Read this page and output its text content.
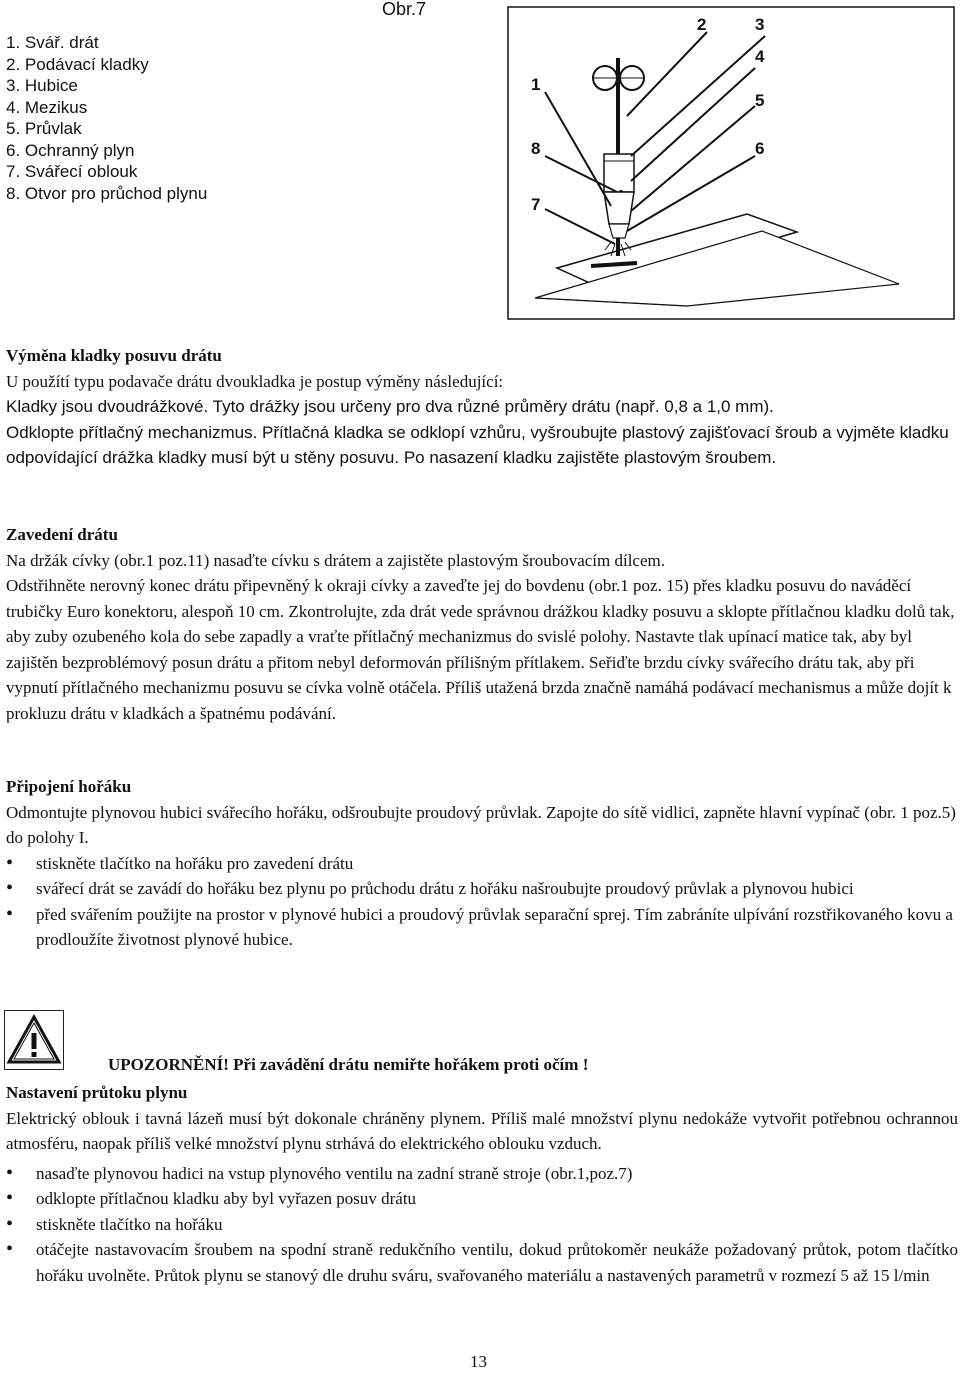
Obr.7
1. Svář. drát
2. Podávací kladky
3. Hubice
4. Mezikus
5. Průvlak
6. Ochranný plyn
7. Svářecí oblouk
8. Otvor pro průchod plynu
1
2	3
4
5
6
7
8

Výměna kladky posuvu drátu

U použítí typu podavače drátu dvoukladka je postup výměny následující:

Kladky jsou dvoudrážkové. Tyto drážky jsou určeny pro dva různé průměry drátu (např. 0,8 a 1,0 mm).

Odklopte přítlačný mechanizmus. Přítlačná kladka se odklopí vzhůru, vyšroubujte plastový zajišťovací šroub a vyjměte kladku odpovídající drážka kladky musí být u stěny posuvu. Po nasazení kladku zajistěte plastovým šroubem.

Zavedení drátu

Na držák cívky (obr.1 poz.11) nasaďte cívku s drátem a zajistěte plastovým šroubovacím dílcem.

Odstřihněte nerovný konec drátu připevněný k okraji cívky a zaveďte jej do bovdenu (obr.1 poz. 15) přes kladku posuvu do naváděcí trubičky Euro konektoru, alespoň 10 cm. Zkontrolujte, zda drát vede správnou drážkou kladky posuvu a sklopte přítlačnou kladku dolů tak, aby zuby ozubeného kola do sebe zapadly a vraťte přítlačný mechanizmus do svislé polohy. Nastavte tlak upínací matice tak, aby byl zajištěn bezproblémový posun drátu a přitom nebyl deformován přílišným přítlakem. Seřiďte brzdu cívky svářecího drátu tak, aby při vypnutí přítlačného mechanizmu posuvu se cívka volně otáčela. Příliš utažená brzda značně namáhá podávací mechanismus a může dojít k prokluzu drátu v kladkách a špatnému podávání.

Připojení hořáku

Odmontujte plynovou hubici svářecího hořáku, odšroubujte proudový průvlak. Zapojte do sítě vidlici, zapněte hlavní vypínač (obr. 1 poz.5) do polohy I.

• stiskněte tlačítko na hořáku pro zavedení drátu
• svářecí drát se zavádí do hořáku bez plynu po průchodu drátu z hořáku našroubujte proudový průvlak a plynovou hubici
• před svářením použijte na prostor v plynové hubici a proudový průvlak separační sprej. Tím zabráníte ulpívání rozstřikovaného kovu a prodloužíte životnost plynové hubice.
UPOZORNĚNÍ! Při zavádění drátu nemiřte hořákem proti očím !

Nastavení průtoku plynu

Elektrický oblouk i tavná lázeň musí být dokonale chráněny plynem. Příliš malé množství plynu nedokáže vytvořit potřebnou ochrannou atmosféru, naopak příliš velké množství plynu strhává do elektrického oblouku vzduch.

• nasaďte plynovou hadici na vstup plynového ventilu na zadní straně stroje (obr.1,poz.7)
• odklopte přítlačnou kladku aby byl vyřazen posuv drátu
• stiskněte tlačítko na hořáku
• otáčejte nastavovacím šroubem na spodní straně redukčního ventilu, dokud průtokoměr neukáže požadovaný průtok, potom tlačítko hořáku uvolněte. Průtok plynu se stanový dle druhu sváru, svařovaného materiálu a nastavených parametrů v rozmezí 5 až 15 l/min
13
